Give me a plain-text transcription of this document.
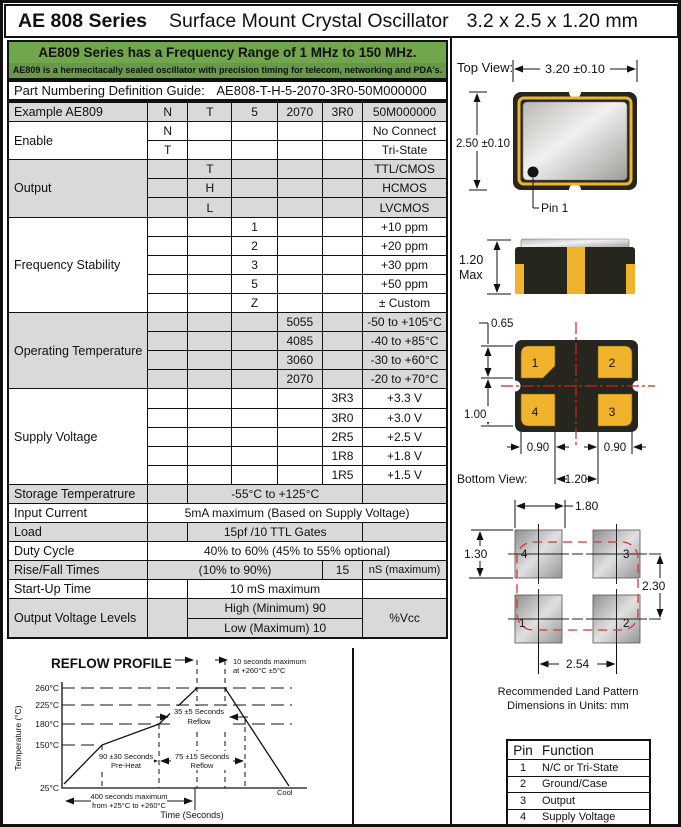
AE 808 Series Surface Mount Crystal Oscillator 3.2 x 2.5 x 1.20 mm
AE809 Series has a Frequency Range of 1 MHz to 150 MHz.
AE809 is a hermecitacally sealed oscillator with precision timing for telecom, networking and PDA's.
Part Numbering Definition Guide: AE808-T-H-5-2070-3R0-50M000000
Example AE809	N	T	5	2070	3R0	50M000000
Enable	N					No Connect
	T					Tri-State
Output		T				TTL/CMOS
		H				HCMOS
		L				LVCMOS
Frequency Stability			1			+10 ppm
			2			+20 ppm
			3			+30 ppm
			5			+50 ppm
			Z			± Custom
Operating Temperature				5055		-50 to +105°C
				4085		-40 to +85°C
				3060		-30 to +60°C
				2070		-20 to +70°C
Supply Voltage					3R3	+3.3 V
					3R0	+3.0 V
					2R5	+2.5 V
					1R8	+1.8 V
					1R5	+1.5 V
Storage Temperatrure		-55°C to +125°C				
Input Current	5mA maximum (Based on Supply Voltage)					
Load		15pf /10 TTL Gates				
Duty Cycle	40% to 60% (45% to 55% optional)					
Rise/Fall Times	(10% to 90%)				15	nS (maximum)
Start-Up Time		10 mS maximum				
Output Voltage Levels		High (Minimum) 90				%Vcc
		Low (Maximum) 10				
REFLOW PROFILE
Temperature (°C)
260°C
225°C
180°C
150°C
25°C
10 seconds maximum
at +260°C ±5°C
35 ±5 Seconds
Reflow
90 ±30 Seconds
Pre-Heat
75 ±15 Seconds
Reflow
400 seconds maximum
from +25°C to +260°C
Time (Seconds)
Cool
Top View:	3.20 ±0.10
2.50 ±0.10
Pin 1
1.20
Max
0.65
1.00
1	2
4	3
0.90	0.90
1.20
Bottom View:
1.80
4	3
1	2
1.30
2.30
2.54
Recommended Land Pattern
Dimensions in Units: mm
Pin	Function
1	N/C or Tri-State
2	Ground/Case
3	Output
4	Supply Voltage
